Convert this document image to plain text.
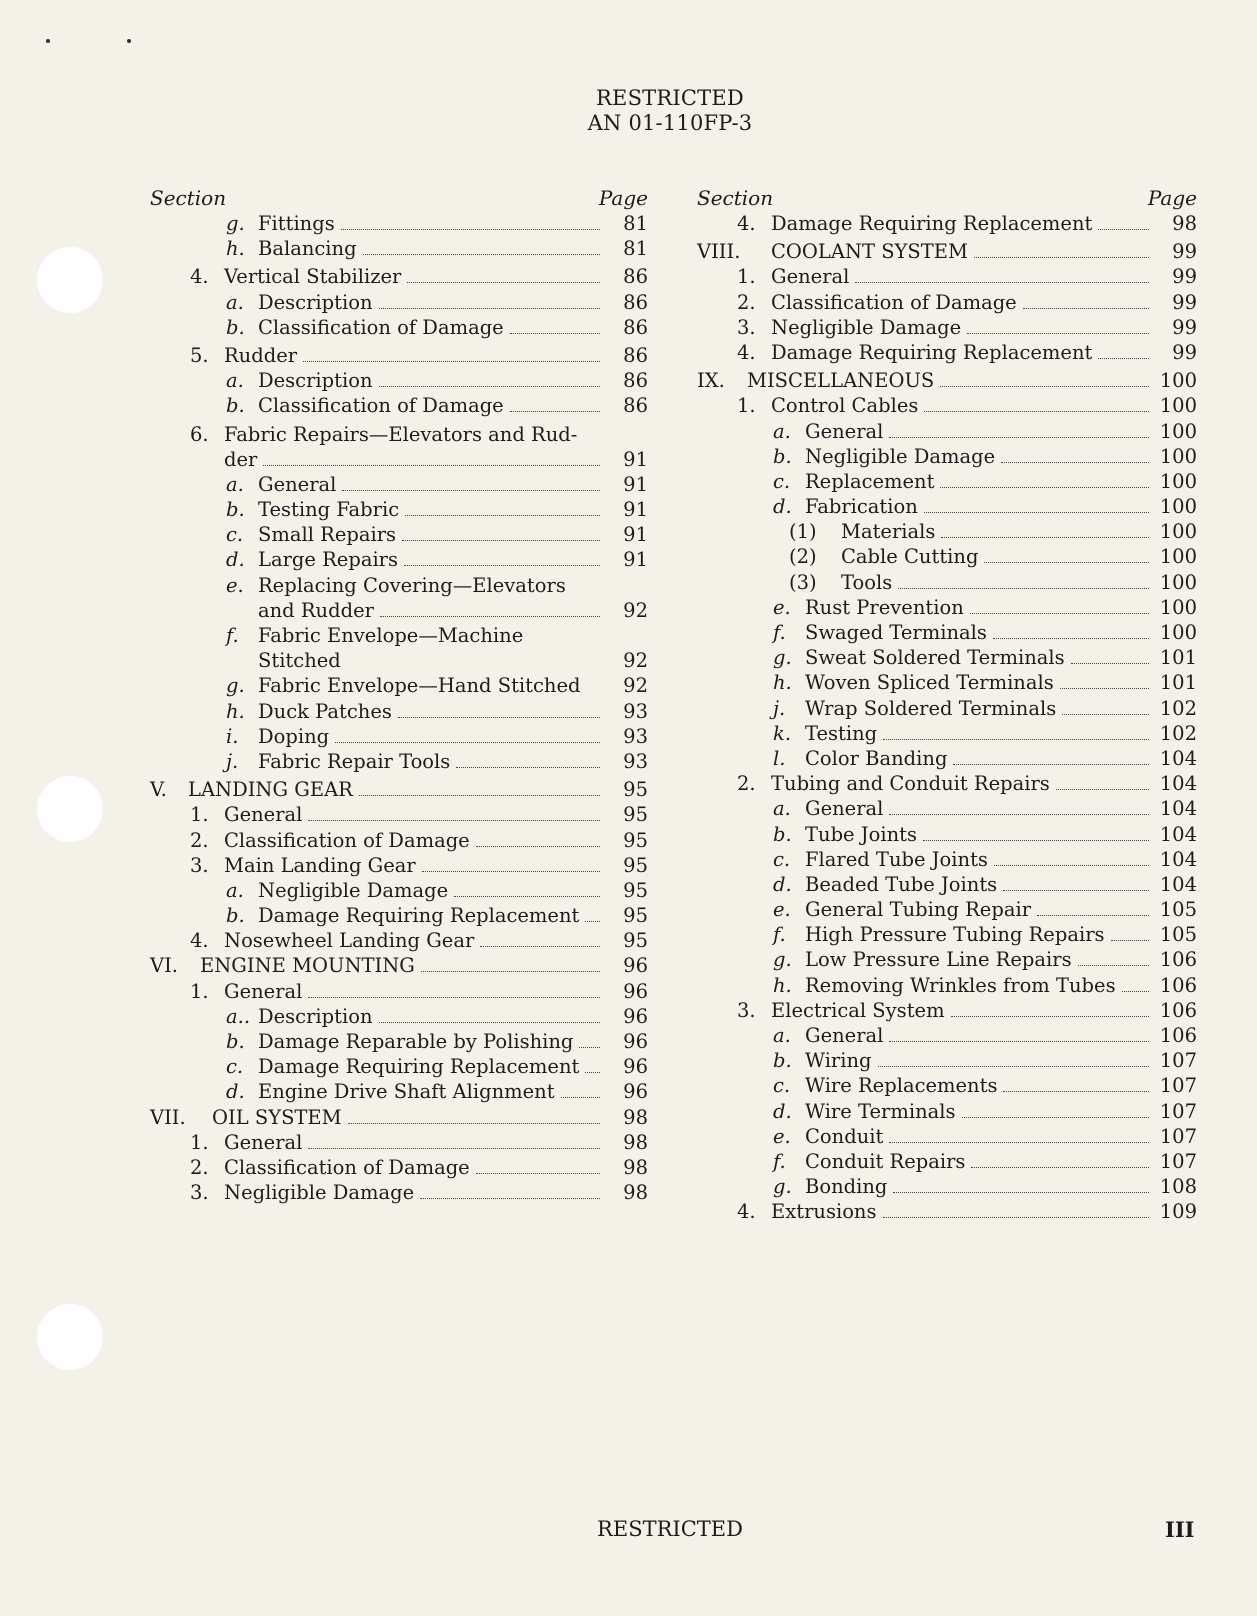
RESTRICTED
AN 01-110FP-3
Section	Page
g. Fittings	81
h. Balancing	81
4. Vertical Stabilizer	86
a. Description	86
b. Classification of Damage	86
5. Rudder	86
a. Description	86
b. Classification of Damage	86
6. Fabric Repairs—Elevators and Rud-
der	91
a. General	91
b. Testing Fabric	91
c. Small Repairs	91
d. Large Repairs	91
e. Replacing Covering—Elevators
and Rudder	92
f. Fabric Envelope—Machine
Stitched	92
g. Fabric Envelope—Hand Stitched 92
h. Duck Patches	93
i. Doping	93
j. Fabric Repair Tools	93
V. LANDING GEAR	95
1. General	95
2. Classification of Damage	95
3. Main Landing Gear	95
a. Negligible Damage	95
b. Damage Requiring Replacement 95
4. Nosewheel Landing Gear	95
VI. ENGINE MOUNTING	96
1. General	96
a.. Description	96
b. Damage Reparable by Polishing	96
c. Damage Requiring Replacement 96
d. Engine Drive Shaft Alignment	96
VII. OIL SYSTEM	98
1. General	98
2. Classification of Damage	98
3. Negligible Damage	98
Section	Page
4. Damage Requiring Replacement	98
VIII. COOLANT SYSTEM	99
1. General	99
2. Classification of Damage	99
3. Negligible Damage	99
4. Damage Requiring Replacement	99
IX. MISCELLANEOUS	100
1. Control Cables	100
a. General	100
b. Negligible Damage	100
c. Replacement	100
d. Fabrication	100
(1) Materials	100
(2) Cable Cutting	100
(3) Tools	100
e. Rust Prevention	100
f. Swaged Terminals	100
g. Sweat Soldered Terminals	101
h. Woven Spliced Terminals	101
j. Wrap Soldered Terminals	102
k. Testing	102
l. Color Banding	104
2. Tubing and Conduit Repairs	104
a. General	104
b. Tube Joints	104
c. Flared Tube Joints	104
d. Beaded Tube Joints	104
e. General Tubing Repair	105
f. High Pressure Tubing Repairs	105
g. Low Pressure Line Repairs	106
h. Removing Wrinkles from Tubes 106
3. Electrical System	106
a. General	106
b. Wiring	107
c. Wire Replacements	107
d. Wire Terminals	107
e. Conduit	107
f. Conduit Repairs	107
g. Bonding	108
4. Extrusions	109
RESTRICTED	III
